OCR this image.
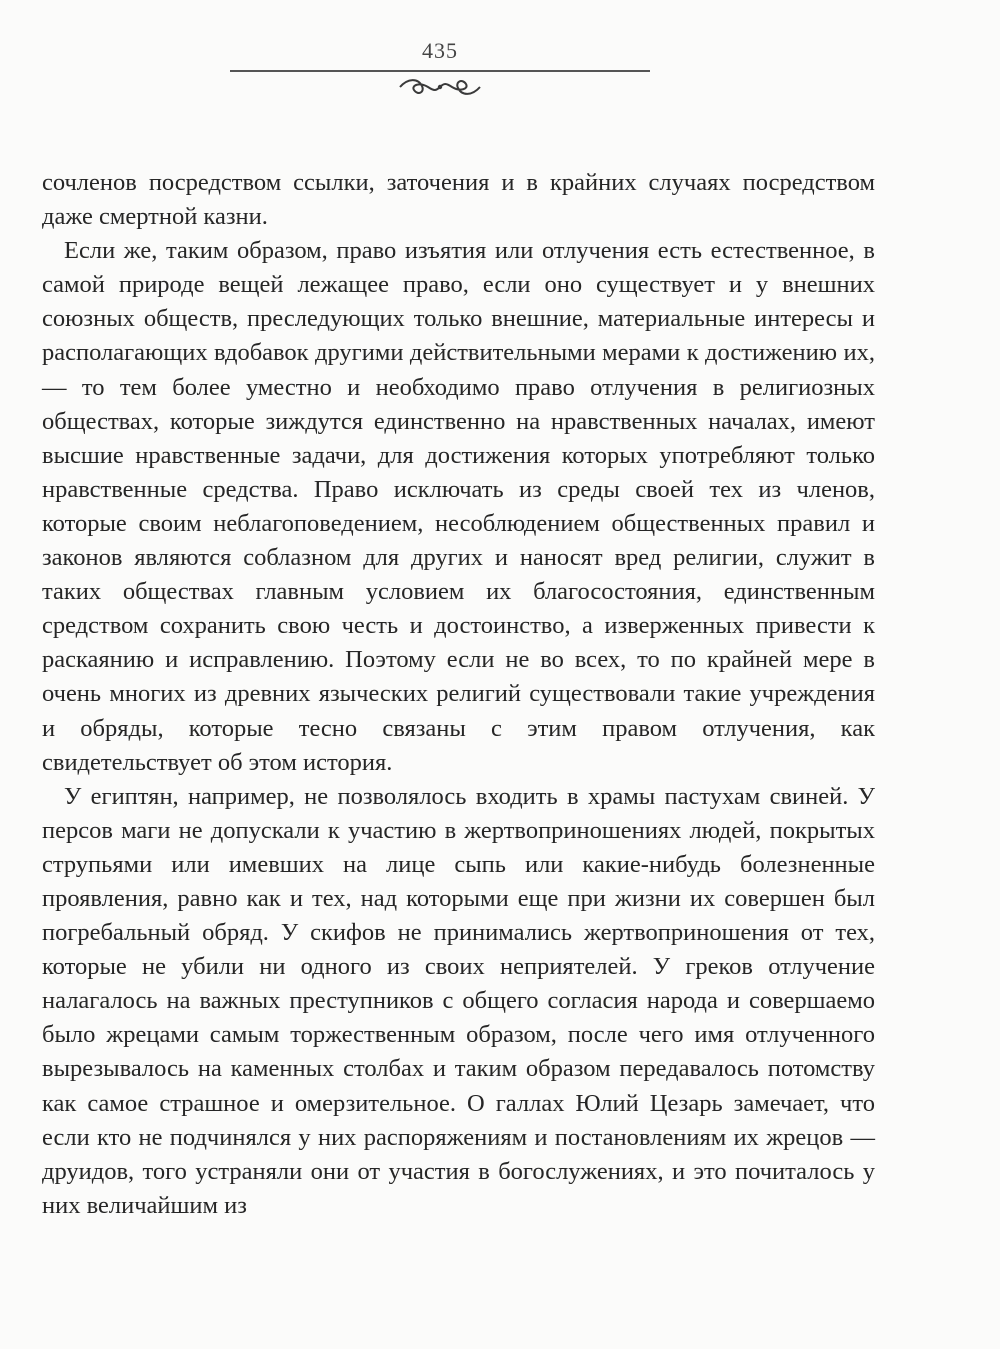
435

сочленов посредством ссылки, заточения и в крайних случаях посредством даже смертной казни.

Если же, таким образом, право изъятия или отлучения есть естественное, в самой природе вещей лежащее право, если оно существует и у внешних союзных обществ, преследующих только внешние, материальные интересы и располагающих вдобавок другими действительными мерами к достижению их, — то тем более уместно и необходимо право отлучения в религиозных обществах, которые зиждутся единственно на нравственных началах, имеют высшие нравственные задачи, для достижения которых употребляют только нравственные средства. Право исключать из среды своей тех из членов, которые своим неблагоповедением, несоблюдением общественных правил и законов являются соблазном для других и наносят вред религии, служит в таких обществах главным условием их благосостояния, единственным средством сохранить свою честь и достоинство, а изверженных привести к раскаянию и исправлению. Поэтому если не во всех, то по крайней мере в очень многих из древних языческих религий существовали такие учреждения и обряды, которые тесно связаны с этим правом отлучения, как свидетельствует об этом история.

У египтян, например, не позволялось входить в храмы пастухам свиней. У персов маги не допускали к участию в жертвоприношениях людей, покрытых струпьями или имевших на лице сыпь или какие-нибудь болезненные проявления, равно как и тех, над которыми еще при жизни их совершен был погребальный обряд. У скифов не принимались жертвоприношения от тех, которые не убили ни одного из своих неприятелей. У греков отлучение налагалось на важных преступников с общего согласия народа и совершаемо было жрецами самым торжественным образом, после чего имя отлученного вырезывалось на каменных столбах и таким образом передавалось потомству как самое страшное и омерзительное. О галлах Юлий Цезарь замечает, что если кто не подчинялся у них распоряжениям и постановлениям их жрецов — друидов, того устраняли они от участия в богослужениях, и это почиталось у них величайшим из
